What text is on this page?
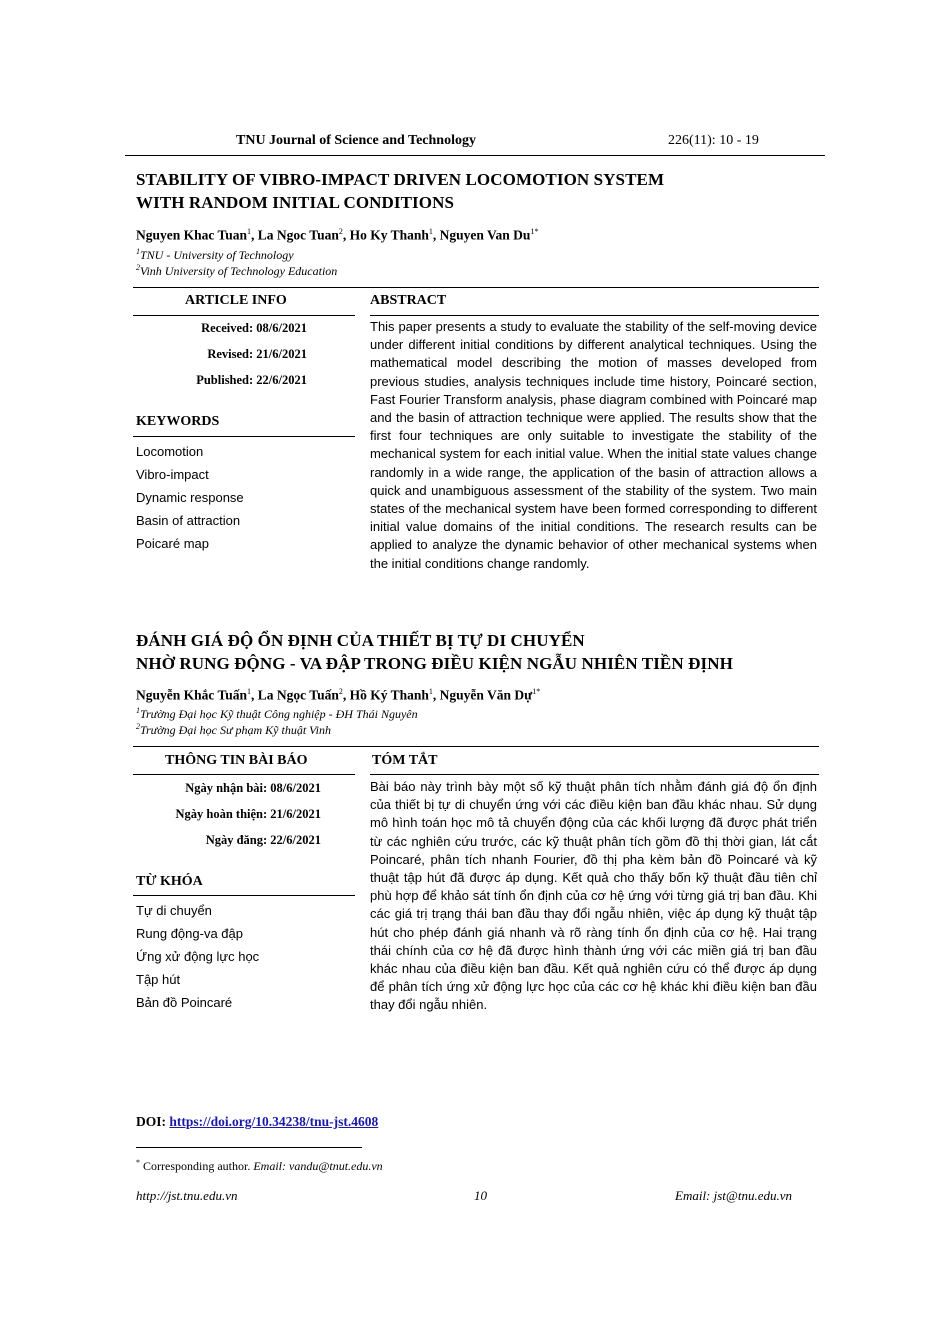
TNU Journal of Science and Technology	226(11): 10 - 19
STABILITY OF VIBRO-IMPACT DRIVEN LOCOMOTION SYSTEM
WITH RANDOM INITIAL CONDITIONS
Nguyen Khac Tuan$^1$, La Ngoc Tuan$^2$, Ho Ky Thanh$^1$, Nguyen Van $Du^{1*}$
$^1$TNU - University of Technology
$^2$Vinh University of Technology Education
ARTICLE INFO	ABSTRACT
Received: 08/6/2021
Revised: 21/6/2021
Published: 22/6/2021
KEYWORDS
Locomotion
Vibro-impact
Dynamic response
Basin of attraction
Poicaré map
This paper presents a study to evaluate the stability of the self-moving device under different initial conditions by different analytical techniques. Using the mathematical model describing the motion of masses developed from previous studies, analysis techniques include time history, Poincaré section, Fast Fourier Transform analysis, phase diagram combined with Poincaré map and the basin of attraction technique were applied. The results show that the first four techniques are only suitable to investigate the stability of the mechanical system for each initial value. When the initial state values change randomly in a wide range, the application of the basin of attraction allows a quick and unambiguous assessment of the stability of the system. Two main states of the mechanical system have been formed corresponding to different initial value domains of the initial conditions. The research results can be applied to analyze the dynamic behavior of other mechanical systems when the initial conditions change randomly.
ĐÁNH GIÁ ĐỘ ỔN ĐỊNH CỦA THIẾT BỊ TỰ DI CHUYỂN
NHỜ RUNG ĐỘNG - VA ĐẬP TRONG ĐIỀU KIỆN NGẪU NHIÊN TIỀN ĐỊNH
Nguyễn Khắc Tuấn$^1$, La Ngọc Tuấn$^2$, Hồ Ký Thanh$^1$, Nguyễn Văn Dự$^{1*}$
$^1$Trường Đại học Kỹ thuật Công nghiệp - ĐH Thái Nguyên
$^2$Trường Đại học Sư phạm Kỹ thuật Vinh
THÔNG TIN BÀI BÁO	TÓM TẮT
Ngày nhận bài: 08/6/2021
Ngày hoàn thiện: 21/6/2021
Ngày đăng: 22/6/2021
TỪ KHÓA
Tự di chuyển
Rung động-va đập
Ứng xử động lực học
Tập hút
Bản đồ Poincaré
Bài báo này trình bày một số kỹ thuật phân tích nhằm đánh giá độ ổn định của thiết bị tự di chuyển ứng với các điều kiện ban đầu khác nhau. Sử dụng mô hình toán học mô tả chuyển động của các khối lượng đã được phát triển từ các nghiên cứu trước, các kỹ thuật phân tích gồm đồ thị thời gian, lát cắt Poincaré, phân tích nhanh Fourier, đồ thị pha kèm bản đồ Poincaré và kỹ thuật tập hút đã được áp dụng. Kết quả cho thấy bốn kỹ thuật đầu tiên chỉ phù hợp để khảo sát tính ổn định của cơ hệ ứng với từng giá trị ban đầu. Khi các giá trị trạng thái ban đầu thay đổi ngẫu nhiên, việc áp dụng kỹ thuật tập hút cho phép đánh giá nhanh và rõ ràng tính ổn định của cơ hệ. Hai trạng thái chính của cơ hệ đã được hình thành ứng với các miền giá trị ban đầu khác nhau của điều kiện ban đầu. Kết quả nghiên cứu có thể được áp dụng để phân tích ứng xử động lực học của các cơ hệ khác khi điều kiện ban đầu thay đổi ngẫu nhiên.
DOI: https://doi.org/10.34238/tnu-jst.4608
* Corresponding author. Email: vandu@tnut.edu.vn
http://jst.tnu.edu.vn	10	Email: jst@tnu.edu.vn
